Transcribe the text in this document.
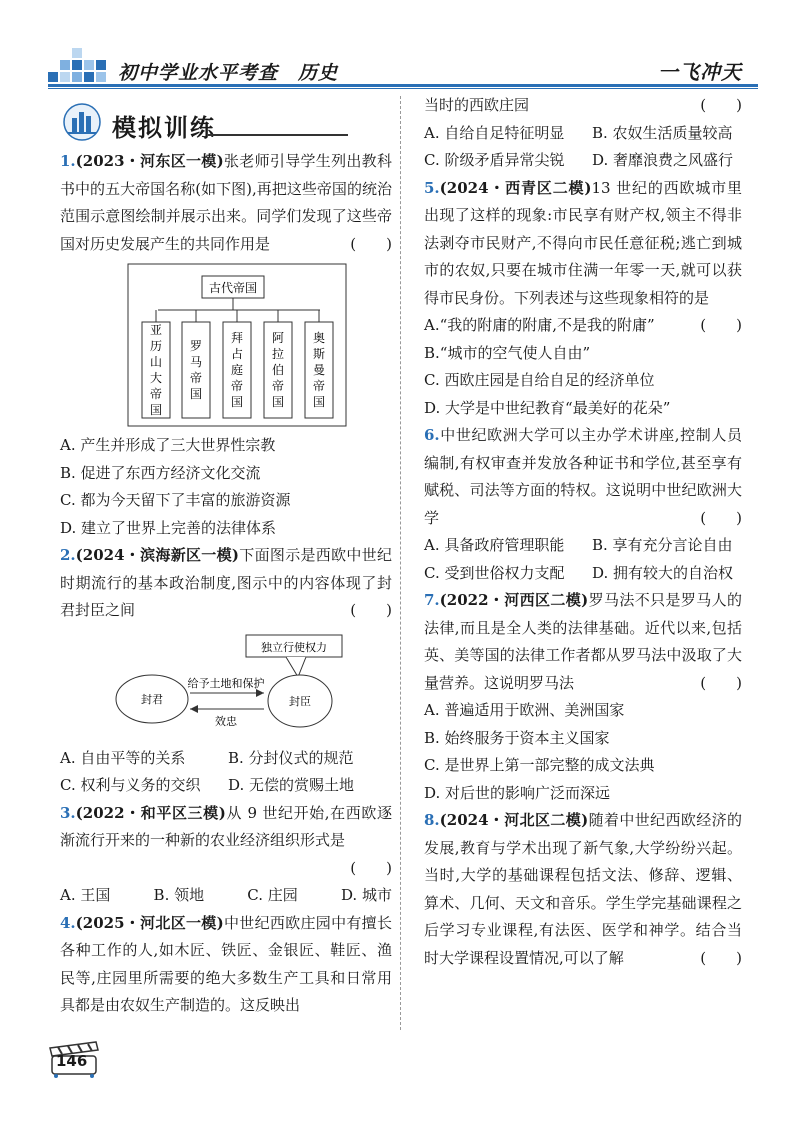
初中学业水平考查　历史	一飞冲天
模拟训练
1.(2023・河东区一模)张老师引导学生列出教科书中的五大帝国名称(如下图),再把这些帝国的统治范围示意图绘制并展示出来。同学们发现了这些帝国对历史发展产生的共同作用是	(　　)
古代帝国
亚历山大帝国
罗马帝国
拜占庭帝国
阿拉伯帝国
奥斯曼帝国
A. 产生并形成了三大世界性宗教
B. 促进了东西方经济文化交流
C. 都为今天留下了丰富的旅游资源
D. 建立了世界上完善的法律体系
2.(2024・滨海新区一模)下面图示是西欧中世纪时期流行的基本政治制度,图示中的内容体现了封君封臣之间	(　　)
独立行使权力
封君	封臣
给予土地和保护
效忠
A. 自由平等的关系	B. 分封仪式的规范
C. 权利与义务的交织	D. 无偿的赏赐土地
3.(2022・和平区三模)从 9 世纪开始,在西欧逐渐流行开来的一种新的农业经济组织形式是
(　　)
A. 王国	B. 领地	C. 庄园	D. 城市
4.(2025・河北区一模)中世纪西欧庄园中有擅长各种工作的人,如木匠、铁匠、金银匠、鞋匠、渔民等,庄园里所需要的绝大多数生产工具和日常用具都是由农奴生产制造的。这反映出
当时的西欧庄园	(　　)
A. 自给自足特征明显	B. 农奴生活质量较高
C. 阶级矛盾异常尖锐	D. 奢靡浪费之风盛行
5.(2024・西青区二模)13 世纪的西欧城市里出现了这样的现象:市民享有财产权,领主不得非法剥夺市民财产,不得向市民任意征税;逃亡到城市的农奴,只要在城市住满一年零一天,就可以获得市民身份。下列表述与这些现象相符的是
(　　)
A.“我的附庸的附庸,不是我的附庸”
B.“城市的空气使人自由”
C. 西欧庄园是自给自足的经济单位
D. 大学是中世纪教育“最美好的花朵”
6.中世纪欧洲大学可以主办学术讲座,控制人员编制,有权审查并发放各种证书和学位,甚至享有赋税、司法等方面的特权。这说明中世纪欧洲大学	(　　)
A. 具备政府管理职能	B. 享有充分言论自由
C. 受到世俗权力支配	D. 拥有较大的自治权
7.(2022・河西区二模)罗马法不只是罗马人的法律,而且是全人类的法律基础。近代以来,包括英、美等国的法律工作者都从罗马法中汲取了大量营养。这说明罗马法	(　　)
A. 普遍适用于欧洲、美洲国家
B. 始终服务于资本主义国家
C. 是世界上第一部完整的成文法典
D. 对后世的影响广泛而深远
8.(2024・河北区二模)随着中世纪西欧经济的发展,教育与学术出现了新气象,大学纷纷兴起。当时,大学的基础课程包括文法、修辞、逻辑、算术、几何、天文和音乐。学生学完基础课程之后学习专业课程,有法医、医学和神学。结合当时大学课程设置情况,可以了解	(　　)
146
